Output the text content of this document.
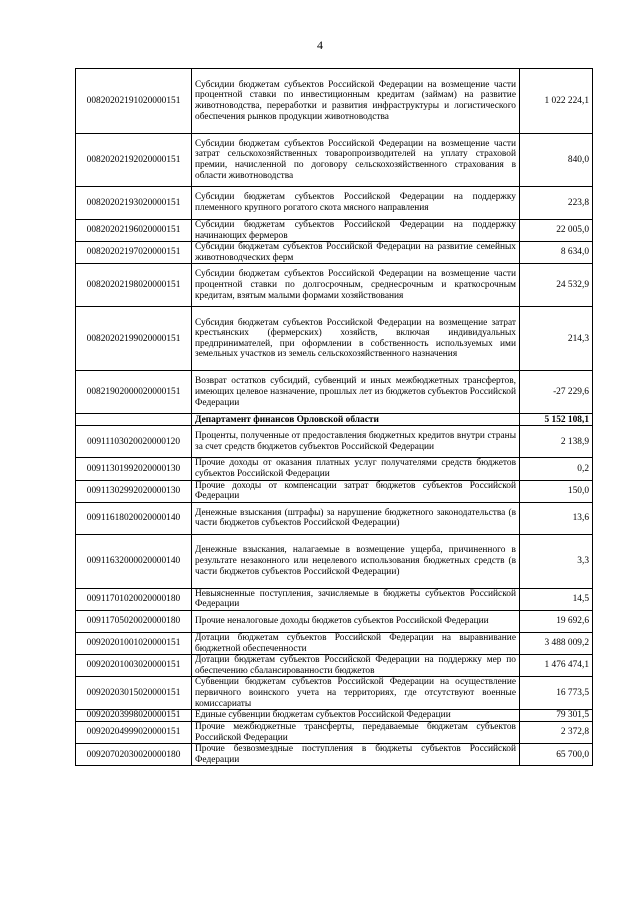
4
00820202191020000151	Субсидии бюджетам субъектов Российской Федерации на возмещение части процентной ставки по инвестиционным кредитам (займам) на развитие животноводства, переработки и развития инфраструктуры и логистического обеспечения рынков продукции животноводства	1 022 224,1
00820202192020000151	Субсидии бюджетам субъектов Российской Федерации на возмещение части затрат сельскохозяйственных товаропроизводителей на уплату страховой премии, начисленной по договору сельскохозяйственного страхования в области животноводства	840,0
00820202193020000151	Субсидии бюджетам субъектов Российской Федерации на поддержку племенного крупного рогатого скота мясного направления	223,8
00820202196020000151	Субсидии бюджетам субъектов Российской Федерации на поддержку начинающих фермеров	22 005,0
00820202197020000151	Субсидии бюджетам субъектов Российской Федерации на развитие семейных животноводческих ферм	8 634,0
00820202198020000151	Субсидии бюджетам субъектов Российской Федерации на возмещение части процентной ставки по долгосрочным, среднесрочным и краткосрочным кредитам, взятым малыми формами хозяйствования	24 532,9
00820202199020000151	Субсидия бюджетам субъектов Российской Федерации на возмещение затрат крестьянских (фермерских) хозяйств, включая индивидуальных предпринимателей, при оформлении в собственность используемых ими земельных участков из земель сельскохозяйственного назначения	214,3
00821902000020000151	Возврат остатков субсидий, субвенций и иных межбюджетных трансфертов, имеющих целевое назначение, прошлых лет из бюджетов субъектов Российской Федерации	-27 229,6
	Департамент финансов Орловской области	5 152 108,1
00911103020020000120	Проценты, полученные от предоставления бюджетных кредитов внутри страны за счет средств бюджетов субъектов Российской Федерации	2 138,9
00911301992020000130	Прочие доходы от оказания платных услуг получателями средств бюджетов субъектов Российской Федерации	0,2
00911302992020000130	Прочие доходы от компенсации затрат бюджетов субъектов Российской Федерации	150,0
00911618020020000140	Денежные взыскания (штрафы) за нарушение бюджетного законодательства (в части бюджетов субъектов Российской Федерации)	13,6
00911632000020000140	Денежные взыскания, налагаемые в возмещение ущерба, причиненного в результате незаконного или нецелевого использования бюджетных средств (в части бюджетов субъектов Российской Федерации)	3,3
00911701020020000180	Невыясненные поступления, зачисляемые в бюджеты субъектов Российской Федерации	14,5
00911705020020000180	Прочие неналоговые доходы бюджетов субъектов Российской Федерации	19 692,6
00920201001020000151	Дотации бюджетам субъектов Российской Федерации на выравнивание бюджетной обеспеченности	3 488 009,2
00920201003020000151	Дотации бюджетам субъектов Российской Федерации на поддержку мер по обеспечению сбалансированности бюджетов	1 476 474,1
00920203015020000151	Субвенции бюджетам субъектов Российской Федерации на осуществление первичного воинского учета на территориях, где отсутствуют военные комиссариаты	16 773,5
00920203998020000151	Единые субвенции бюджетам субъектов Российской Федерации	79 301,5
00920204999020000151	Прочие межбюджетные трансферты, передаваемые бюджетам субъектов Российской Федерации	2 372,8
00920702030020000180	Прочие безвозмездные поступления в бюджеты субъектов Российской Федерации	65 700,0
